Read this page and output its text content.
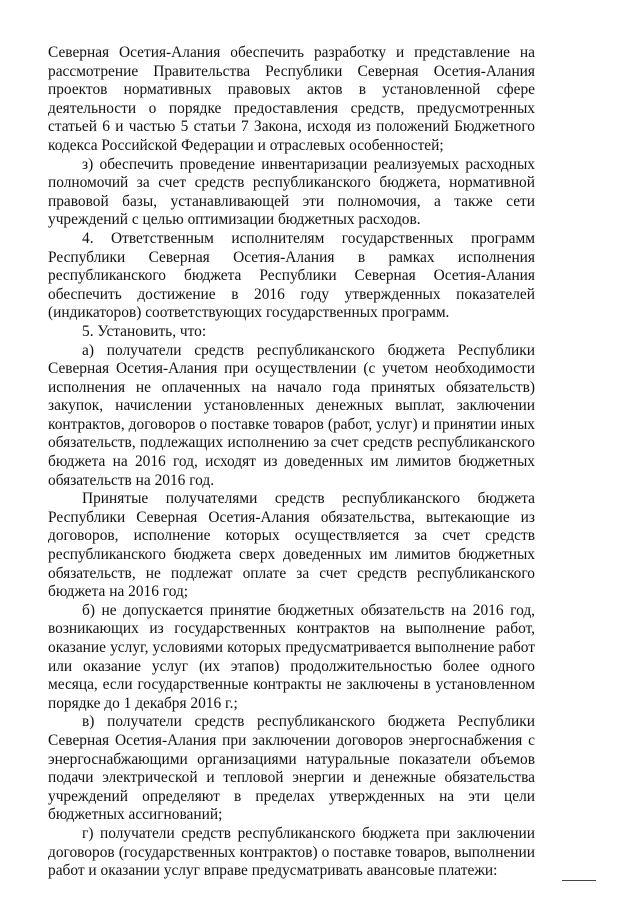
Северная Осетия-Алания обеспечить разработку и представление на рассмотрение Правительства Республики Северная Осетия-Алания проектов нормативных правовых актов в установленной сфере деятельности о порядке предоставления средств, предусмотренных статьей 6 и частью 5 статьи 7 Закона, исходя из положений Бюджетного кодекса Российской Федерации и отраслевых особенностей;

з) обеспечить проведение инвентаризации реализуемых расходных полномочий за счет средств республиканского бюджета, нормативной правовой базы, устанавливающей эти полномочия, а также сети учреждений с целью оптимизации бюджетных расходов.

4. Ответственным исполнителям государственных программ Республики Северная Осетия-Алания в рамках исполнения республиканского бюджета Республики Северная Осетия-Алания обеспечить достижение в 2016 году утвержденных показателей (индикаторов) соответствующих государственных программ.

5. Установить, что:

а) получатели средств республиканского бюджета Республики Северная Осетия-Алания при осуществлении (с учетом необходимости исполнения не оплаченных на начало года принятых обязательств) закупок, начислении установленных денежных выплат, заключении контрактов, договоров о поставке товаров (работ, услуг) и принятии иных обязательств, подлежащих исполнению за счет средств республиканского бюджета на 2016 год, исходят из доведенных им лимитов бюджетных обязательств на 2016 год.

Принятые получателями средств республиканского бюджета Республики Северная Осетия-Алания обязательства, вытекающие из договоров, исполнение которых осуществляется за счет средств республиканского бюджета сверх доведенных им лимитов бюджетных обязательств, не подлежат оплате за счет средств республиканского бюджета на 2016 год;

б) не допускается принятие бюджетных обязательств на 2016 год, возникающих из государственных контрактов на выполнение работ, оказание услуг, условиями которых предусматривается выполнение работ или оказание услуг (их этапов) продолжительностью более одного месяца, если государственные контракты не заключены в установленном порядке до 1 декабря 2016 г.;

в) получатели средств республиканского бюджета Республики Северная Осетия-Алания при заключении договоров энергоснабжения с энергоснабжающими организациями натуральные показатели объемов подачи электрической и тепловой энергии и денежные обязательства учреждений определяют в пределах утвержденных на эти цели бюджетных ассигнований;

г) получатели средств республиканского бюджета при заключении договоров (государственных контрактов) о поставке товаров, выполнении работ и оказании услуг вправе предусматривать авансовые платежи:
